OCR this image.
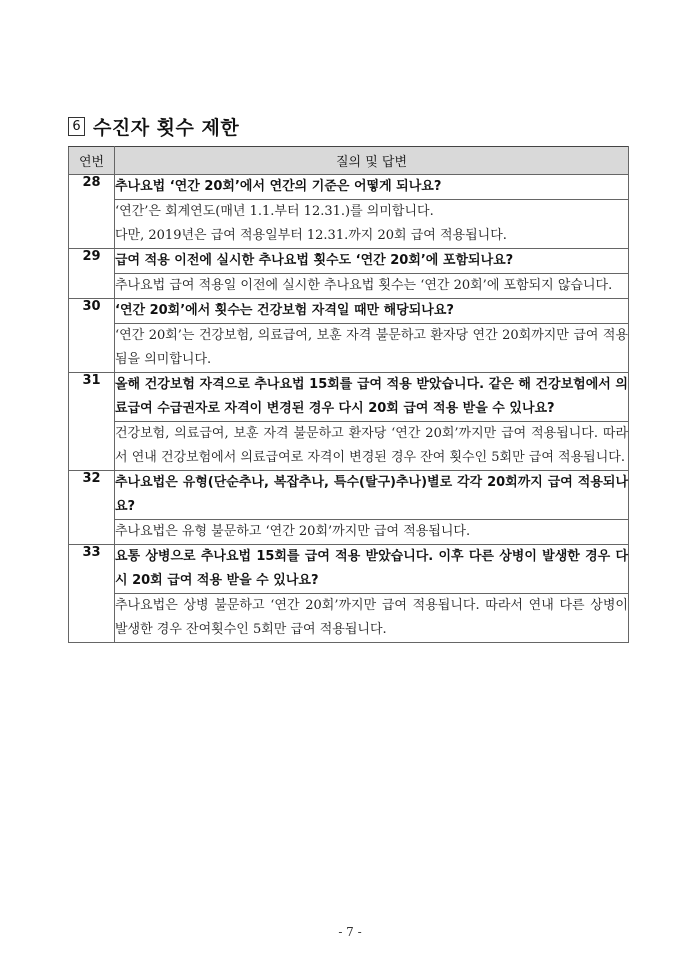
6 수진자 횟수 제한
연번	질의 및 답변
28	추나요법 ‘연간 20회’에서 연간의 기준은 어떻게 되나요?

	‘연간’은 회계연도(매년 1.1.부터 12.31.)를 의미합니다.
다만, 2019년은 급여 적용일부터 12.31.까지 20회 급여 적용됩니다.

29	급여 적용 이전에 실시한 추나요법 횟수도 ‘연간 20회’에 포함되나요?

	추나요법 급여 적용일 이전에 실시한 추나요법 횟수는 ‘연간 20회’에 포함되지 않습니다.

30	‘연간 20회’에서 횟수는 건강보험 자격일 때만 해당되나요?

	‘연간 20회’는 건강보험, 의료급여, 보훈 자격 불문하고 환자당 연간 20회까지만 급여 적용됨을 의미합니다.

31	올해 건강보험 자격으로 추나요법 15회를 급여 적용 받았습니다. 같은 해 건강보험에서 의료급여 수급권자로 자격이 변경된 경우 다시 20회 급여 적용 받을 수 있나요?

	건강보험, 의료급여, 보훈 자격 불문하고 환자당 ‘연간 20회’까지만 급여 적용됩니다. 따라서 연내 건강보험에서 의료급여로 자격이 변경된 경우 잔여 횟수인 5회만 급여 적용됩니다.

32	추나요법은 유형(단순추나, 복잡추나, 특수(탈구)추나)별로 각각 20회까지 급여 적용되나요?

	추나요법은 유형 불문하고 ‘연간 20회’까지만 급여 적용됩니다.

33	요통 상병으로 추나요법 15회를 급여 적용 받았습니다. 이후 다른 상병이 발생한 경우 다시 20회 급여 적용 받을 수 있나요?

	추나요법은 상병 불문하고 ‘연간 20회’까지만 급여 적용됩니다. 따라서 연내 다른 상병이 발생한 경우 잔여횟수인 5회만 급여 적용됩니다.
- 7 -
